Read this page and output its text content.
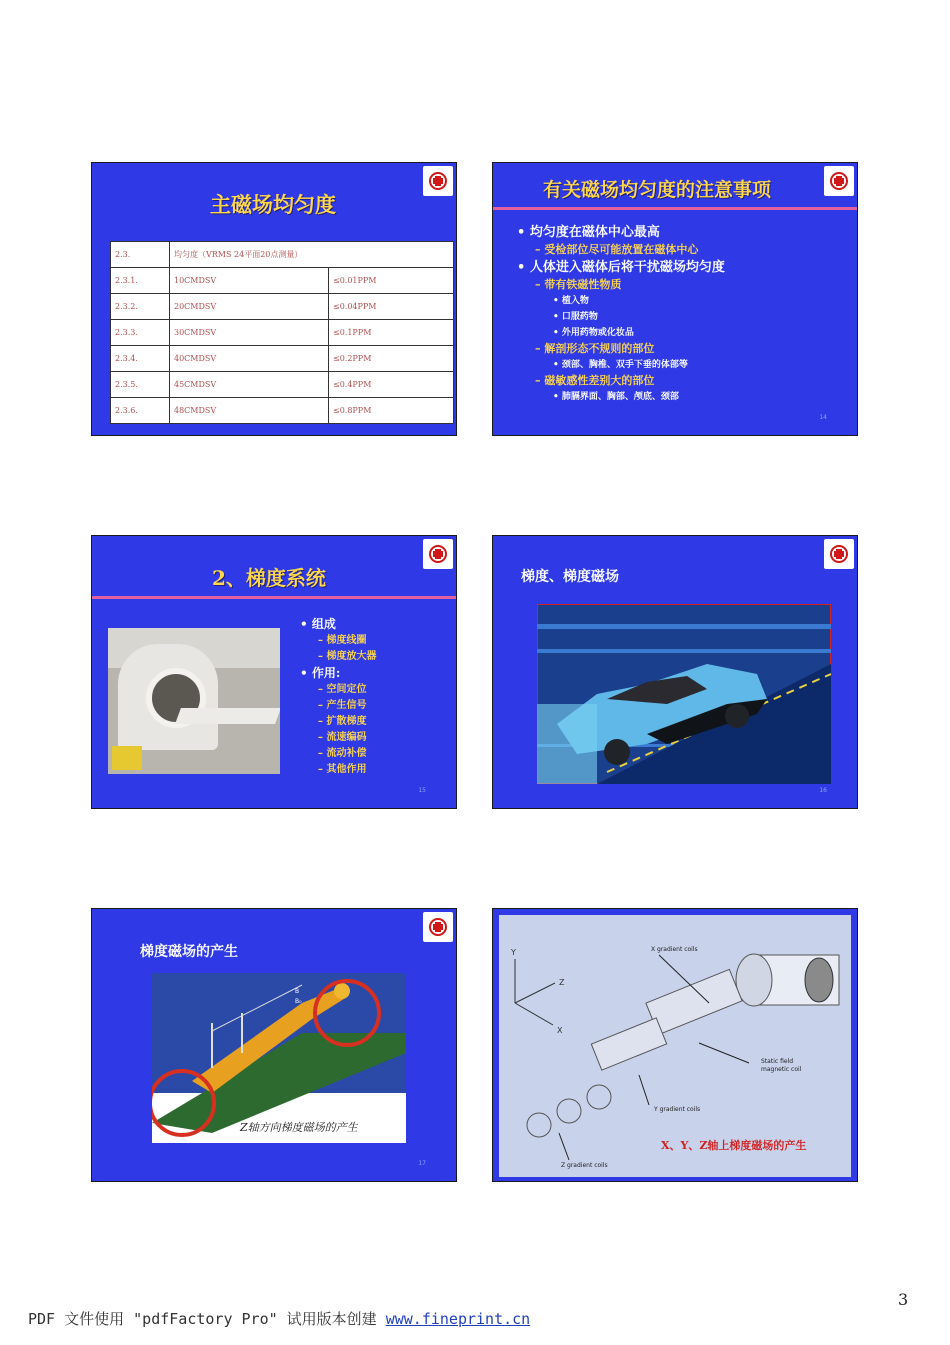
主磁场均匀度
2.3.	均匀度（VRMS 24平面20点测量）	
2.3.1.	10CMDSV	≤0.01PPM
2.3.2.	20CMDSV	≤0.04PPM
2.3.3.	30CMDSV	≤0.1PPM
2.3.4.	40CMDSV	≤0.2PPM
2.3.5.	45CMDSV	≤0.4PPM
2.3.6.	48CMDSV	≤0.8PPM
有关磁场均匀度的注意事项
• 均匀度在磁体中心最高
– 受检部位尽可能放置在磁体中心
• 人体进入磁体后将干扰磁场均匀度
– 带有铁磁性物质
• 植入物
• 口服药物
• 外用药物或化妆品
– 解剖形态不规则的部位
• 颈部、胸椎、双手下垂的体部等
– 磁敏感性差别大的部位
• 肺膈界面、胸部、颅底、颈部
14
2、梯度系统
• 组成
– 梯度线圈
– 梯度放大器
• 作用:
– 空间定位
– 产生信号
– 扩散梯度
– 流速编码
– 流动补偿
– 其他作用
15
梯度、梯度磁场
16
梯度磁场的产生
B
B₀
Z轴方向梯度磁场的产生
17
Y
Z
X
X gradient coils
Static field
magnetic coil
Y gradient coils
Z gradient coils
X、Y、Z轴上梯度磁场的产生
3
PDF 文件使用 "pdfFactory Pro" 试用版本创建 www.fineprint.cn
